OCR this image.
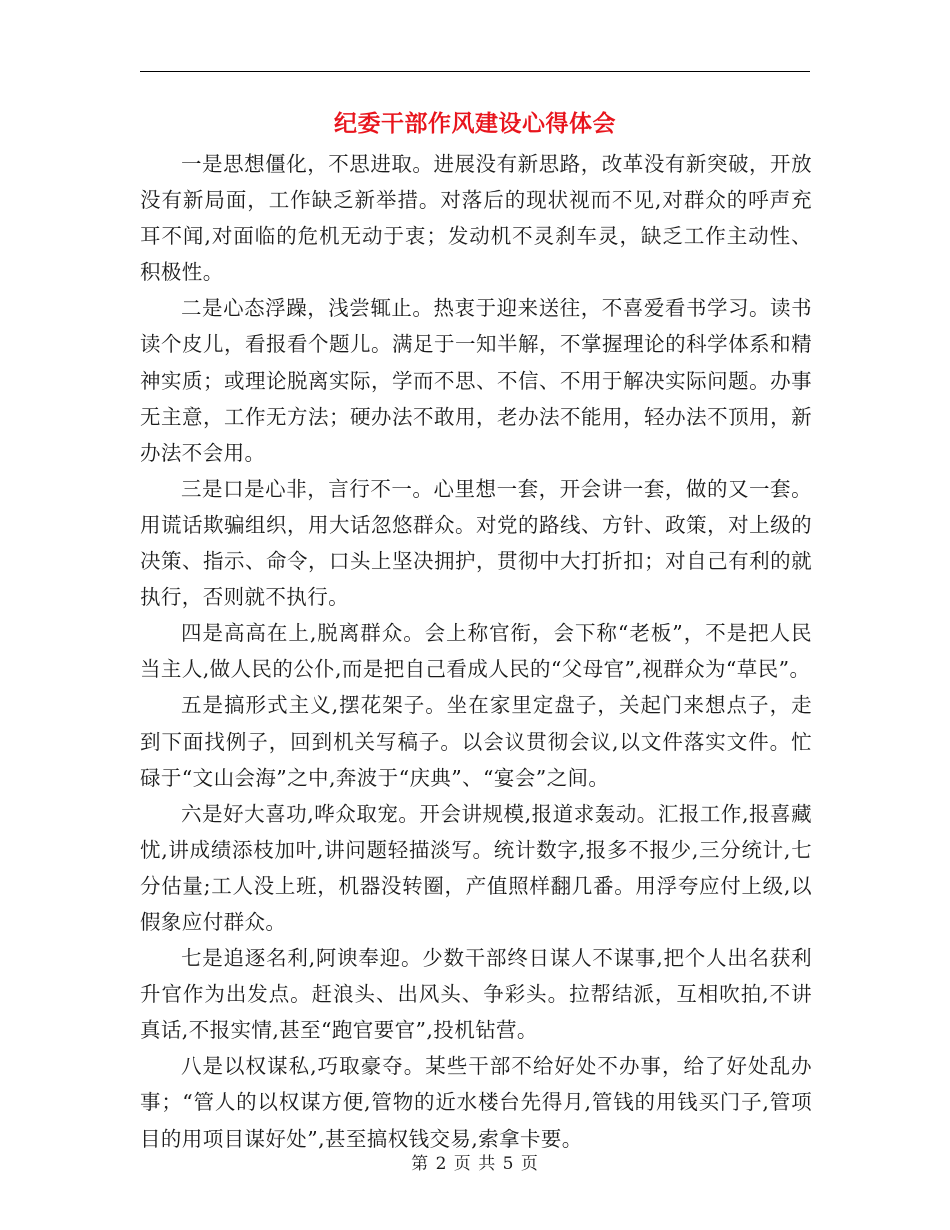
纪委干部作风建设心得体会

一是思想僵化，不思进取。进展没有新思路，改革没有新突破，开放没有新局面，工作缺乏新举措。对落后的现状视而不见,对群众的呼声充耳不闻,对面临的危机无动于衷；发动机不灵刹车灵，缺乏工作主动性、积极性。

二是心态浮躁，浅尝辄止。热衷于迎来送往，不喜爱看书学习。读书读个皮儿，看报看个题儿。满足于一知半解，不掌握理论的科学体系和精神实质；或理论脱离实际，学而不思、不信、不用于解决实际问题。办事无主意，工作无方法；硬办法不敢用，老办法不能用，轻办法不顶用，新办法不会用。

三是口是心非，言行不一。心里想一套，开会讲一套，做的又一套。用谎话欺骗组织，用大话忽悠群众。对党的路线、方针、政策，对上级的决策、指示、命令，口头上坚决拥护，贯彻中大打折扣；对自己有利的就执行，否则就不执行。

四是高高在上,脱离群众。会上称官衔，会下称“老板”，不是把人民当主人,做人民的公仆,而是把自己看成人民的“父母官”,视群众为“草民”。

五是搞形式主义,摆花架子。坐在家里定盘子，关起门来想点子，走到下面找例子，回到机关写稿子。以会议贯彻会议,以文件落实文件。忙碌于“文山会海”之中,奔波于“庆典”、“宴会”之间。

六是好大喜功,哗众取宠。开会讲规模,报道求轰动。汇报工作,报喜藏忧,讲成绩添枝加叶,讲问题轻描淡写。统计数字,报多不报少,三分统计,七分估量;工人没上班，机器没转圈，产值照样翻几番。用浮夸应付上级,以假象应付群众。

七是追逐名利,阿谀奉迎。少数干部终日谋人不谋事,把个人出名获利升官作为出发点。赶浪头、出风头、争彩头。拉帮结派，互相吹拍,不讲真话,不报实情,甚至“跑官要官”,投机钻营。

八是以权谋私,巧取豪夺。某些干部不给好处不办事，给了好处乱办事；“管人的以权谋方便,管物的近水楼台先得月,管钱的用钱买门子,管项目的用项目谋好处”,甚至搞权钱交易,索拿卡要。

第 2 页 共 5 页
